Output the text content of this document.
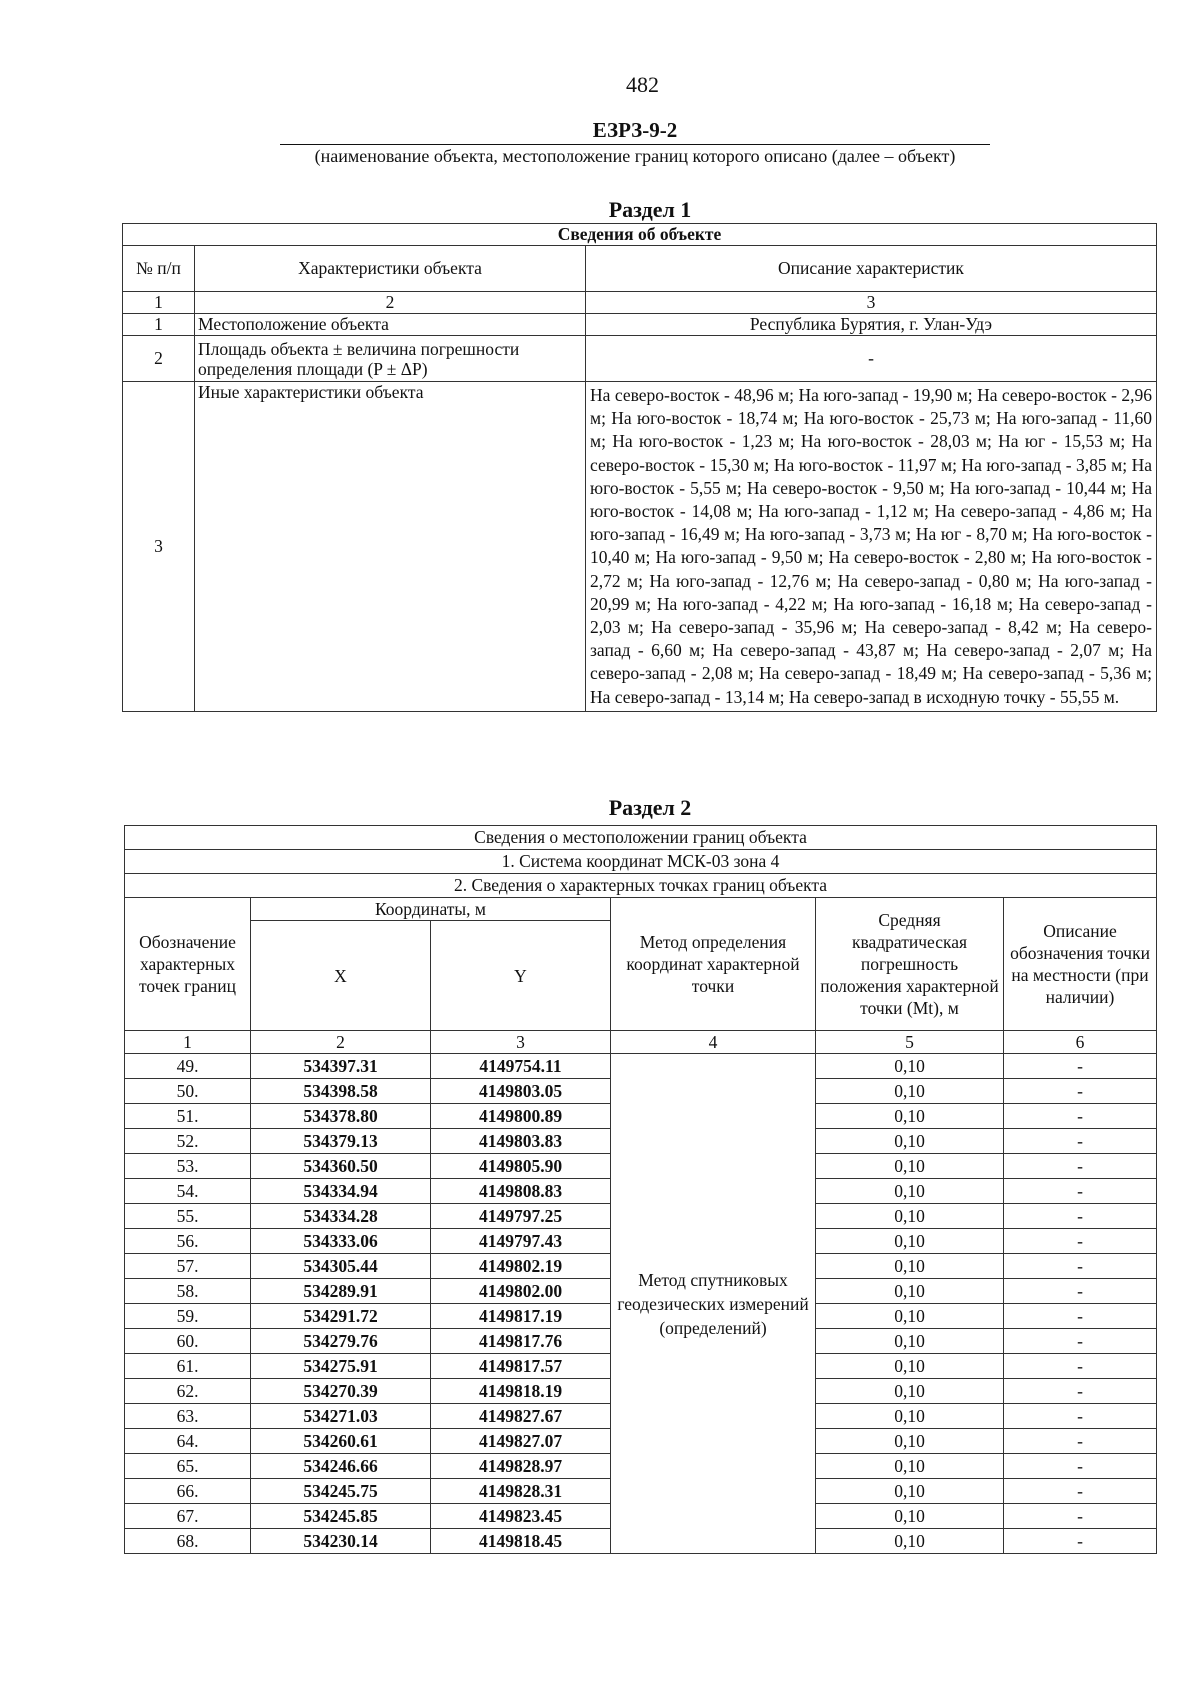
482
ЕЗРЗ-9-2
(наименование объекта, местоположение границ которого описано (далее – объект)
Раздел 1
Сведения об объекте		
№ п/п	Характеристики объекта	Описание характеристик
1	2	3
1	Местоположение объекта	Республика Бурятия, г. Улан-Удэ
2	Площадь объекта ± величина погрешности определения площади (P ± ΔP)	-
3	Иные характеристики объекта	На северо-восток - 48,96 м; На юго-запад - 19,90 м; На северо-восток - 2,96 м; На юго-восток - 18,74 м; На юго-восток - 25,73 м; На юго-запад - 11,60 м; На юго-восток - 1,23 м; На юго-восток - 28,03 м; На юг - 15,53 м; На северо-восток - 15,30 м; На юго-восток - 11,97 м; На юго-запад - 3,85 м; На юго-восток - 5,55 м; На северо-восток - 9,50 м; На юго-запад - 10,44 м; На юго-восток - 14,08 м; На юго-запад - 1,12 м; На северо-запад - 4,86 м; На юго-запад - 16,49 м; На юго-запад - 3,73 м; На юг - 8,70 м; На юго-восток - 10,40 м; На юго-запад - 9,50 м; На северо-восток - 2,80 м; На юго-восток - 2,72 м; На юго-запад - 12,76 м; На северо-запад - 0,80 м; На юго-запад - 20,99 м; На юго-запад - 4,22 м; На юго-запад - 16,18 м; На северо-запад - 2,03 м; На северо-запад - 35,96 м; На северо-запад - 8,42 м; На северо-запад - 6,60 м; На северо-запад - 43,87 м; На северо-запад - 2,07 м; На северо-запад - 2,08 м; На северо-запад - 18,49 м; На северо-запад - 5,36 м; На северо-запад - 13,14 м; На северо-запад в исходную точку - 55,55 м.
Раздел 2
Сведения о местоположении границ объекта					
1. Система координат МСК-03 зона 4					
2. Сведения о характерных точках границ объекта					
Обозначение характерных точек границ	Координаты, м		Метод определения координат характерной точки	Средняя квадратическая погрешность положения характерной точки (Mt), м	Описание обозначения точки на местности (при наличии)
	X	Y			
1	2	3	4	5	6
49.	534397.31	4149754.11	Метод спутниковых геодезических измерений (определений)	0,10	-
50.	534398.58	4149803.05		0,10	-
51.	534378.80	4149800.89		0,10	-
52.	534379.13	4149803.83		0,10	-
53.	534360.50	4149805.90		0,10	-
54.	534334.94	4149808.83		0,10	-
55.	534334.28	4149797.25		0,10	-
56.	534333.06	4149797.43		0,10	-
57.	534305.44	4149802.19		0,10	-
58.	534289.91	4149802.00		0,10	-
59.	534291.72	4149817.19		0,10	-
60.	534279.76	4149817.76		0,10	-
61.	534275.91	4149817.57		0,10	-
62.	534270.39	4149818.19		0,10	-
63.	534271.03	4149827.67		0,10	-
64.	534260.61	4149827.07		0,10	-
65.	534246.66	4149828.97		0,10	-
66.	534245.75	4149828.31		0,10	-
67.	534245.85	4149823.45		0,10	-
68.	534230.14	4149818.45		0,10	-
